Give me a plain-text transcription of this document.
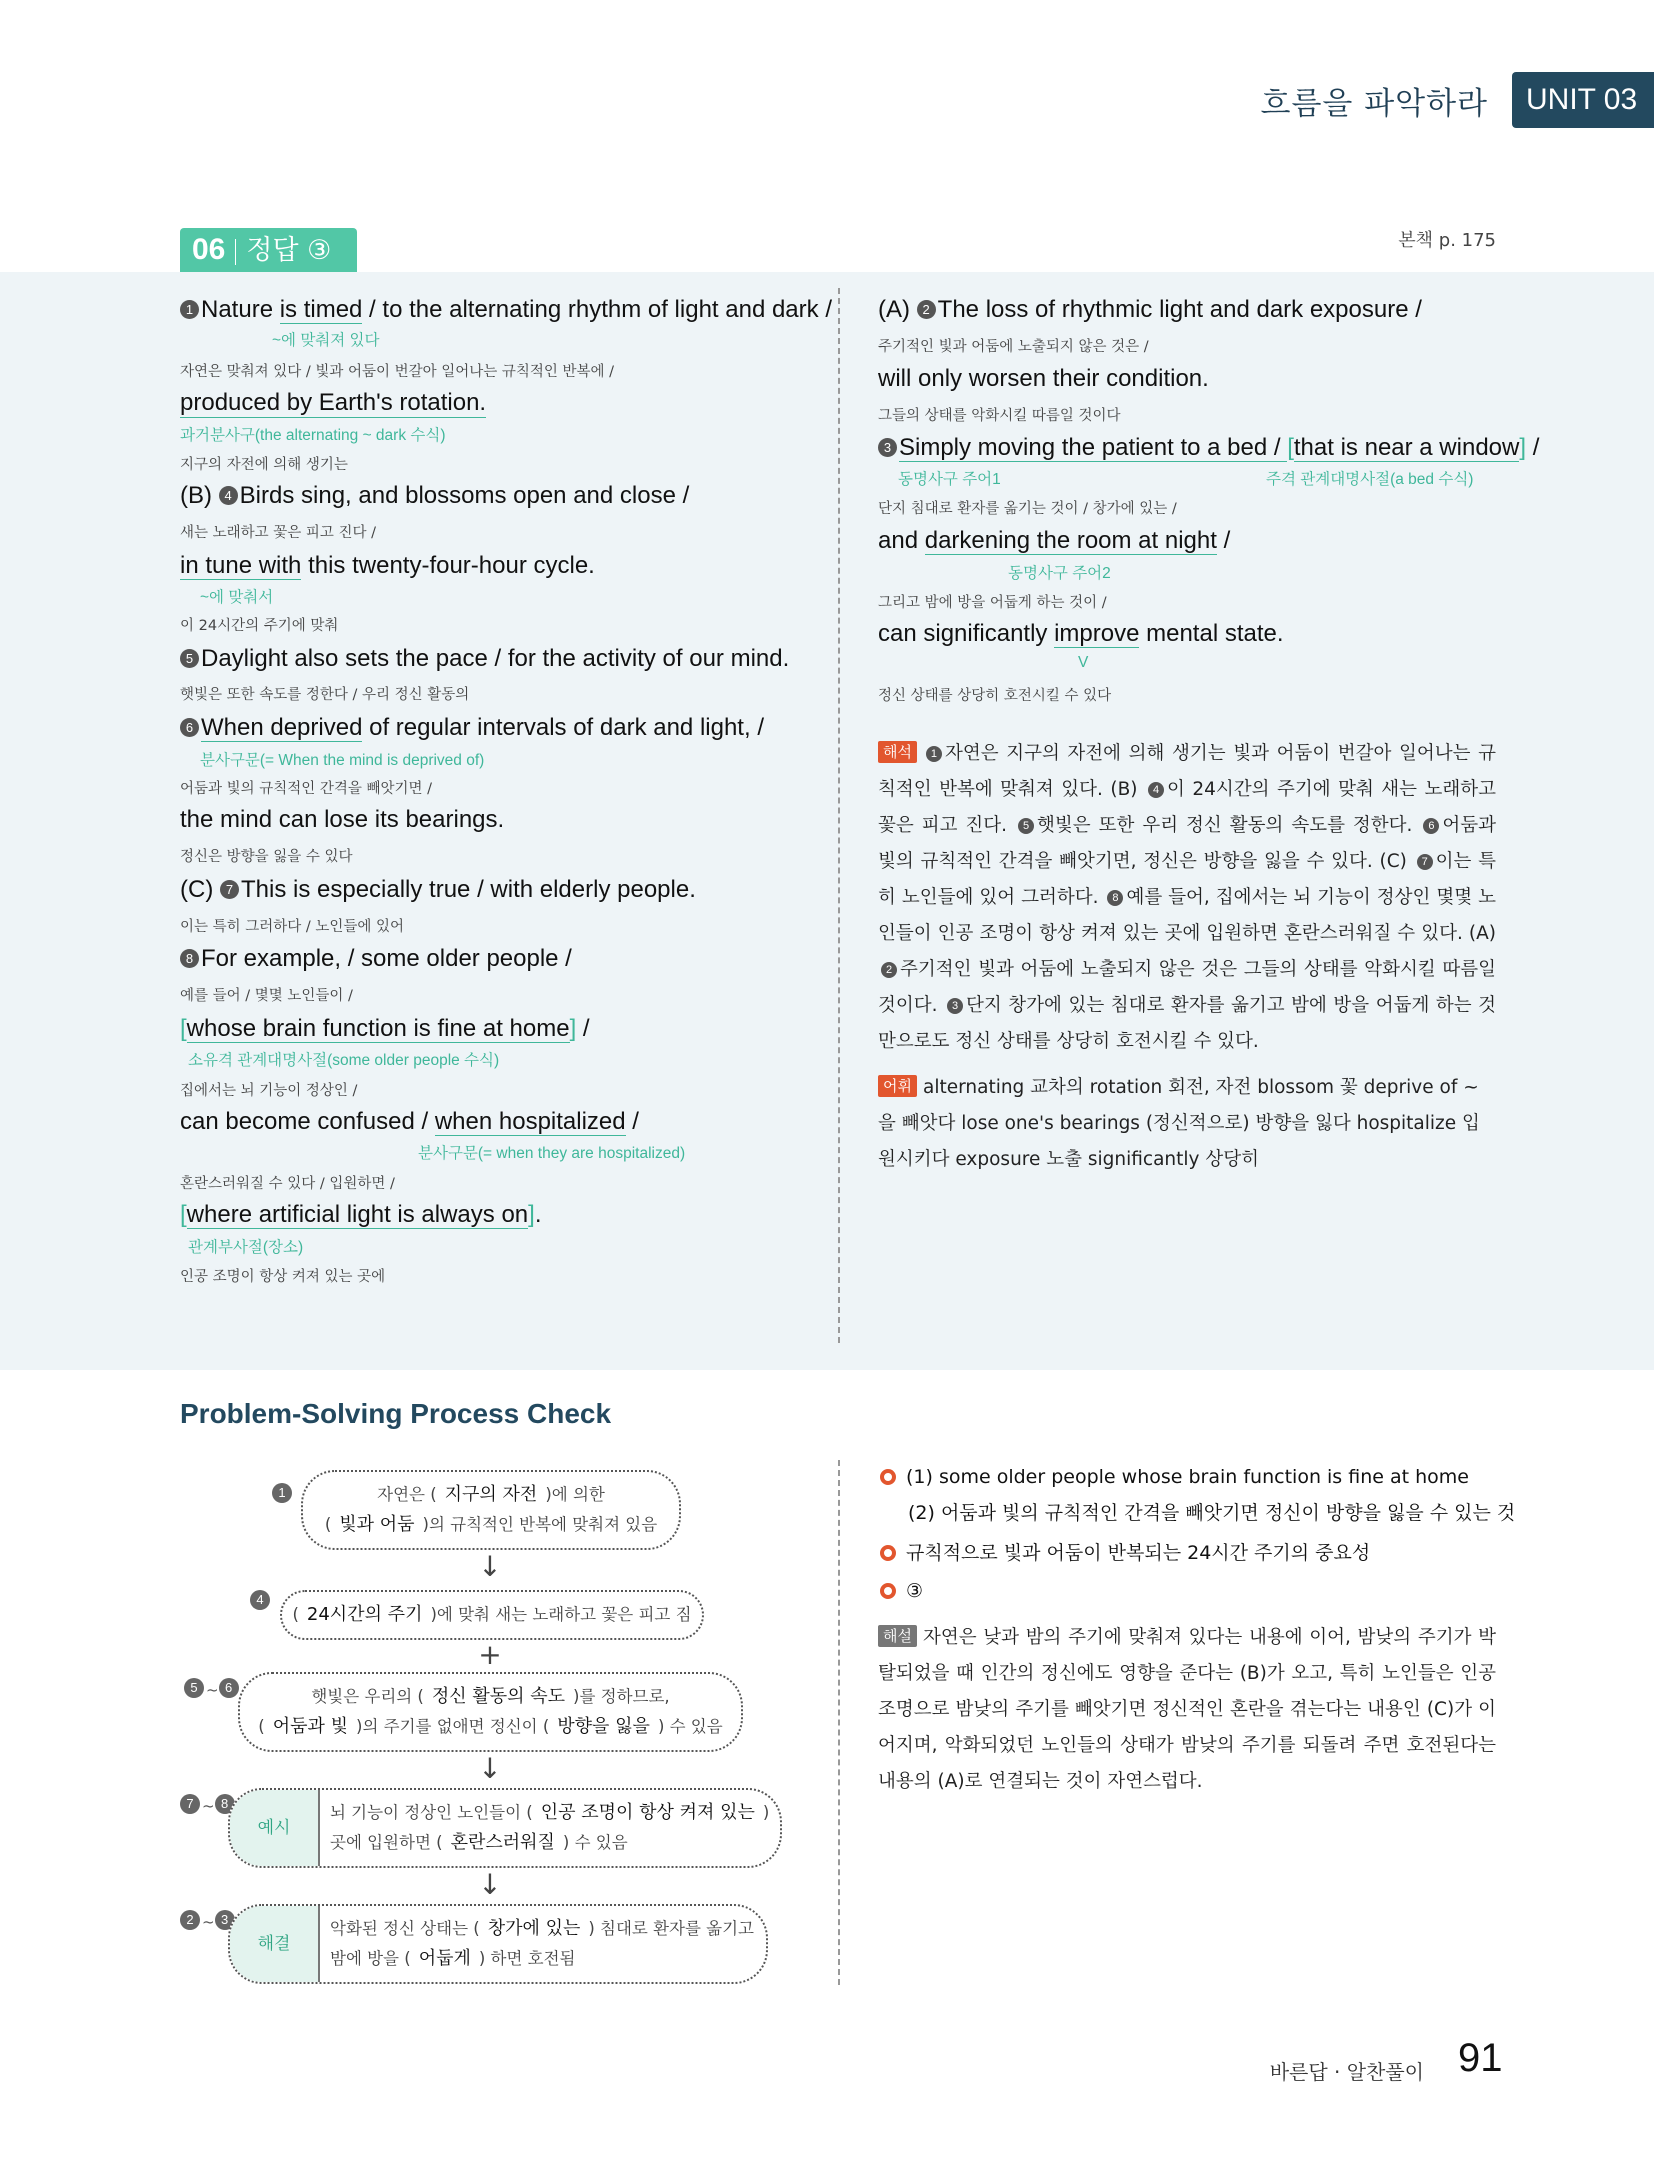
흐름을 파악하라	UNIT 03
06 정답 ③	본책 p. 175
1 Nature is timed / to the alternating rhythm of light and dark /
~에 맞춰져 있다
자연은 맞춰져 있다 / 빛과 어둠이 번갈아 일어나는 규칙적인 반복에 /
produced by Earth's rotation.
과거분사구(the alternating ~ dark 수식)
지구의 자전에 의해 생기는
(B) 4 Birds sing, and blossoms open and close /
새는 노래하고 꽃은 피고 진다 /
in tune with this twenty-four-hour cycle.
~에 맞춰서
이 24시간의 주기에 맞춰
5 Daylight also sets the pace / for the activity of our mind.
햇빛은 또한 속도를 정한다 / 우리 정신 활동의
6 When deprived of regular intervals of dark and light, /
분사구문(= When the mind is deprived of)
어둠과 빛의 규칙적인 간격을 빼앗기면 /
the mind can lose its bearings.
정신은 방향을 잃을 수 있다
(C) 7 This is especially true / with elderly people.
이는 특히 그러하다 / 노인들에 있어
8 For example, / some older people /
예를 들어 / 몇몇 노인들이 /
[whose brain function is fine at home] /
소유격 관계대명사절(some older people 수식)
집에서는 뇌 기능이 정상인 /
can become confused / when hospitalized /
분사구문(= when they are hospitalized)
혼란스러워질 수 있다 / 입원하면 /
[where artificial light is always on].
관계부사절(장소)
인공 조명이 항상 켜져 있는 곳에
(A) 2 The loss of rhythmic light and dark exposure /
주기적인 빛과 어둠에 노출되지 않은 것은 /
will only worsen their condition.
그들의 상태를 악화시킬 따름일 것이다
3 Simply moving the patient to a bed / [that is near a window] /
동명사구 주어1	주격 관계대명사절(a bed 수식)
단지 침대로 환자를 옮기는 것이 / 창가에 있는 /
and darkening the room at night /
동명사구 주어2
그리고 밤에 방을 어둡게 하는 것이 /
can significantly improve mental state.
V
정신 상태를 상당히 호전시킬 수 있다
해석 1 자연은 지구의 자전에 의해 생기는 빛과 어둠이 번갈아 일어나는 규칙적인 반복에 맞춰져 있다. (B) 4 이 24시간의 주기에 맞춰 새는 노래하고 꽃은 피고 진다. 5 햇빛은 또한 우리 정신 활동의 속도를 정한다. 6 어둠과 빛의 규칙적인 간격을 빼앗기면, 정신은 방향을 잃을 수 있다. (C) 7 이는 특히 노인들에 있어 그러하다. 8 예를 들어, 집에서는 뇌 기능이 정상인 몇몇 노인들이 인공 조명이 항상 켜져 있는 곳에 입원하면 혼란스러워질 수 있다. (A) 2 주기적인 빛과 어둠에 노출되지 않은 것은 그들의 상태를 악화시킬 따름일 것이다. 3 단지 창가에 있는 침대로 환자를 옮기고 밤에 방을 어둡게 하는 것만으로도 정신 상태를 상당히 호전시킬 수 있다.
어휘 alternating 교차의 rotation 회전, 자전 blossom 꽃 deprive of ~을 빼앗다 lose one's bearings (정신적으로) 방향을 잃다 hospitalize 입원시키다 exposure 노출 significantly 상당히
Problem-Solving Process Check
1	자연은 ( 지구의 자전 )에 의한
( 빛과 어둠 )의 규칙적인 반복에 맞춰져 있음
↓
4
( 24시간의 주기 )에 맞춰 새는 노래하고 꽃은 피고 짐
+
5 ~ 6	햇빛은 우리의 ( 정신 활동의 속도 )를 정하므로,
( 어둠과 빛 )의 주기를 없애면 정신이 ( 방향을 잃을 ) 수 있음
↓
7 ~ 8
예시
뇌 기능이 정상인 노인들이 ( 인공 조명이 항상 켜져 있는 )
곳에 입원하면 ( 혼란스러워질 ) 수 있음
↓
2 ~ 3
해결
악화된 정신 상태는 ( 창가에 있는 ) 침대로 환자를 옮기고
밤에 방을 ( 어둡게 ) 하면 호전됨
(1) some older people whose brain function is fine at home
(2) 어둠과 빛의 규칙적인 간격을 빼앗기면 정신이 방향을 잃을 수 있는 것
규칙적으로 빛과 어둠이 반복되는 24시간 주기의 중요성
③
해설 자연은 낮과 밤의 주기에 맞춰져 있다는 내용에 이어, 밤낮의 주기가 박탈되었을 때 인간의 정신에도 영향을 준다는 (B)가 오고, 특히 노인들은 인공 조명으로 밤낮의 주기를 빼앗기면 정신적인 혼란을 겪는다는 내용인 (C)가 이어지며, 악화되었던 노인들의 상태가 밤낮의 주기를 되돌려 주면 호전된다는 내용의 (A)로 연결되는 것이 자연스럽다.
바른답 · 알찬풀이 91
